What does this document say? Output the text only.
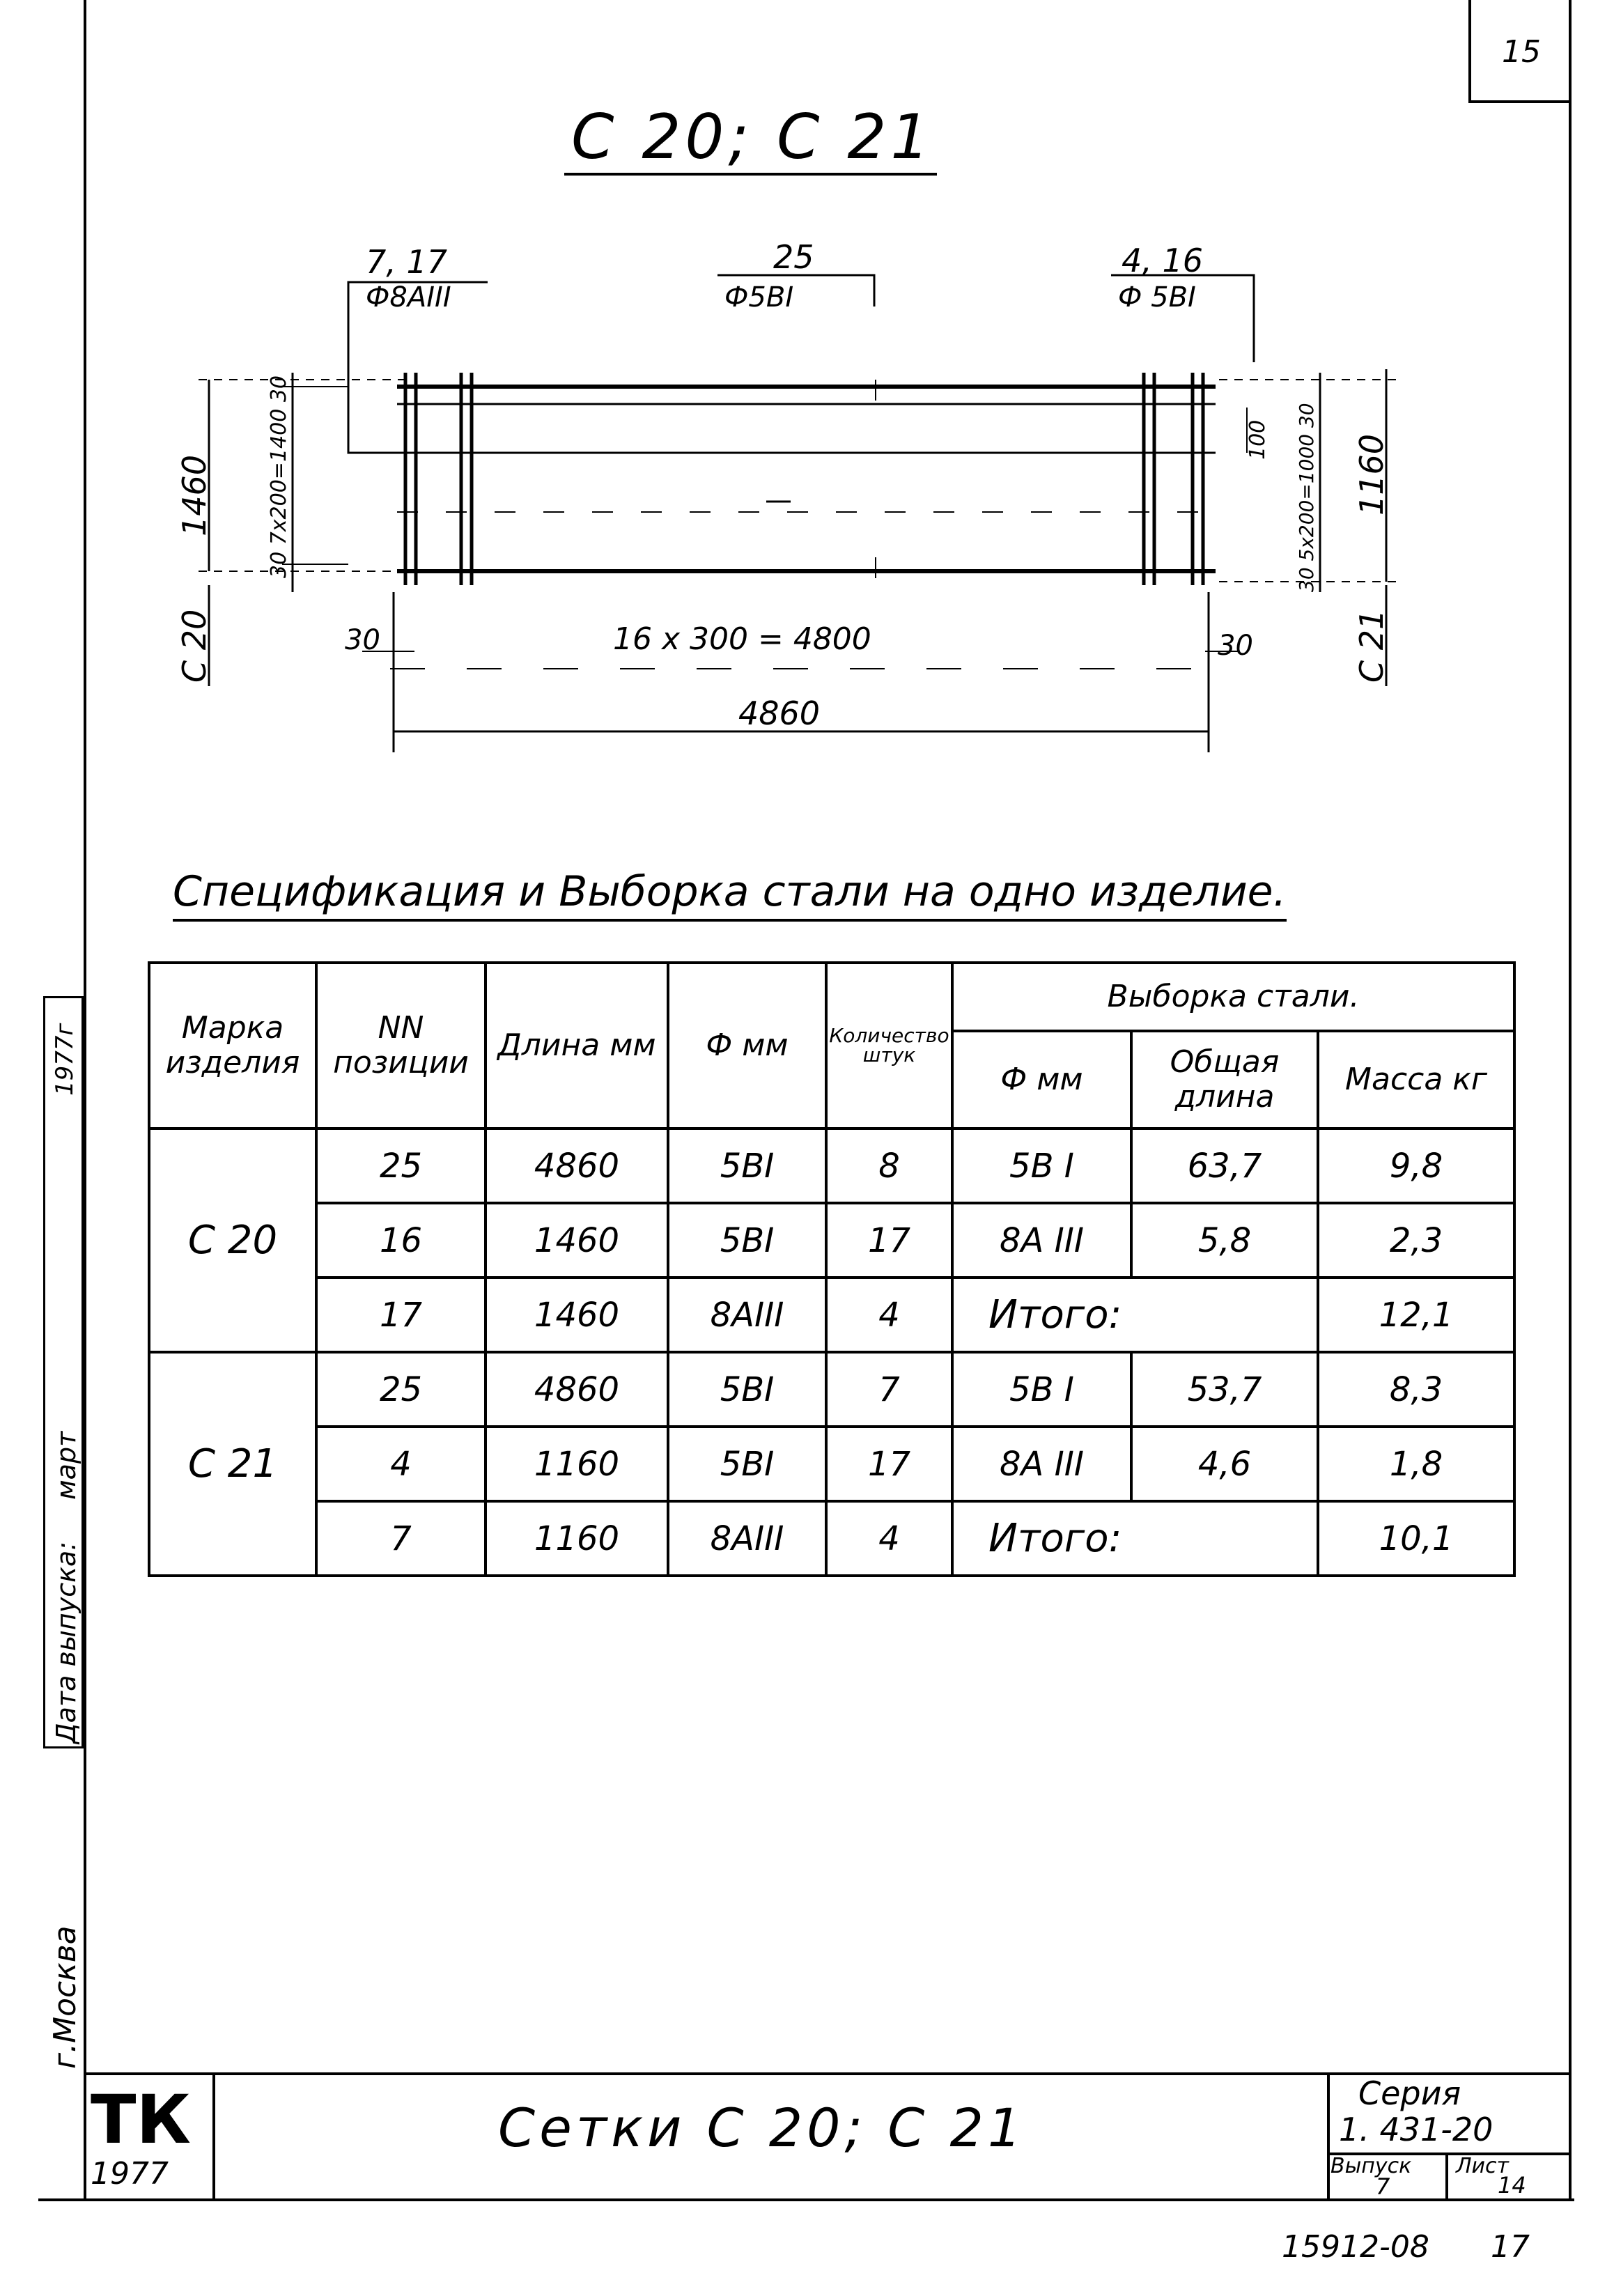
15
С 20; С 21
7, 17
Ф8АIII
25
Ф5ВI
4, 16
Ф 5ВI
16 x 300 = 4800
4860
30	30
1460	30 7x200=1400 30
С 20
1160
30 5x200=1000 30
100
С 21
Спецификация и Выборка стали на одно изделие.
Марка изделия	NN позиции	Длина мм	Ф мм	Количество штук	Выборка стали.		
					Ф мм	Общая длина	Масса кг
С 20	25	4860	5ВI	8	5В I	63,7	9,8
	16	1460	5ВI	17	8А III	5,8	2,3
	17	1460	8АIII	4	Итого:		12,1
С 21	25	4860	5ВI	7	5В I	53,7	8,3
	4	1160	5ВI	17	8А III	4,6	1,8
	7	1160	8АIII	4	Итого:		10,1
Дата выпуска:
март
1977г
г.Москва
ТК
1977
Сетки С 20; С 21
Серия
1. 431-20
Выпуск
7
Лист
14
15912-08 17
